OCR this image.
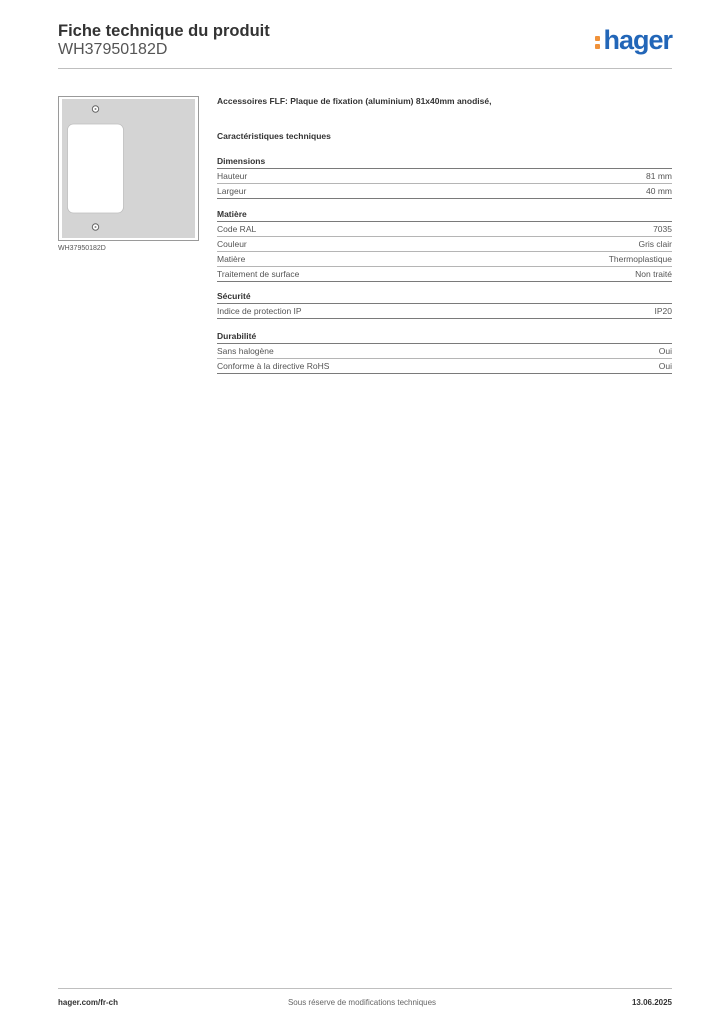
Fiche technique du produit
WH37950182D	hager
WH37950182D
Accessoires FLF: Plaque de fixation (aluminium) 81x40mm anodisé,
Caractéristiques techniques
Dimensions
Hauteur	81 mm
Largeur	40 mm
Matière
Code RAL	7035
Couleur	Gris clair
Matière	Thermoplastique
Traitement de surface	Non traité
Sécurité
Indice de protection IP	IP20
Durabilité
Sans halogène	Oui
Conforme à la directive RoHS	Oui
hager.com/fr-ch	Sous réserve de modifications techniques	13.06.2025
